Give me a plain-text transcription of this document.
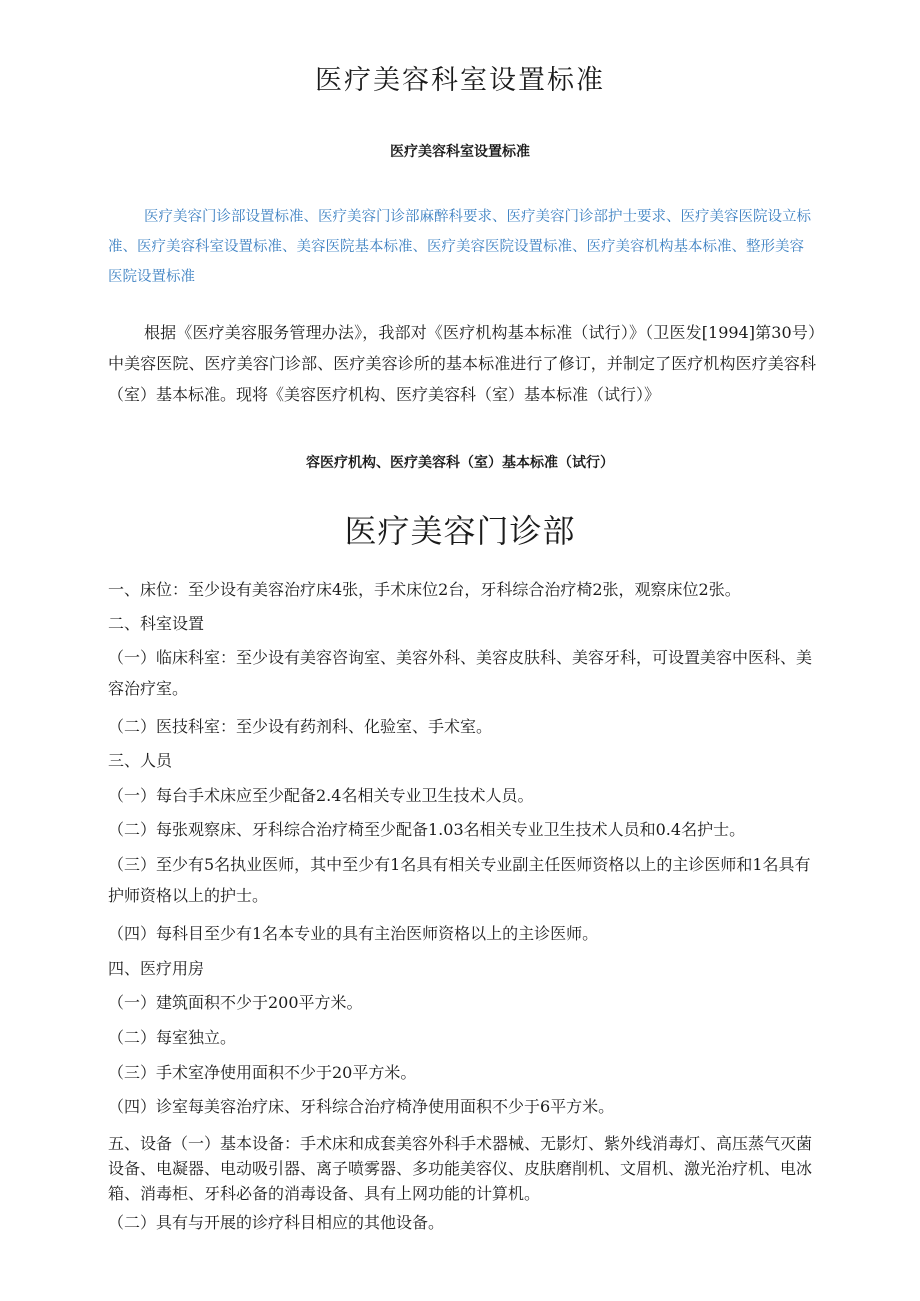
医疗美容科室设置标准
医疗美容科室设置标准
医疗美容门诊部设置标准、医疗美容门诊部麻醉科要求、医疗美容门诊部护士要求、医疗美容医院设立标准、医疗美容科室设置标准、美容医院基本标准、医疗美容医院设置标准、医疗美容机构基本标准、整形美容医院设置标准
根据《医疗美容服务管理办法》，我部对《医疗机构基本标准（试行）》（卫医发[1994]第30号）中美容医院、医疗美容门诊部、医疗美容诊所的基本标准进行了修订，并制定了医疗机构医疗美容科（室）基本标准。现将《美容医疗机构、医疗美容科（室）基本标准（试行）》
容医疗机构、医疗美容科（室）基本标准（试行）
医疗美容门诊部
一、床位：至少设有美容治疗床4张，手术床位2台，牙科综合治疗椅2张，观察床位2张。
二、科室设置
（一）临床科室：至少设有美容咨询室、美容外科、美容皮肤科、美容牙科，可设置美容中医科、美容治疗室。
（二）医技科室：至少设有药剂科、化验室、手术室。
三、人员
（一）每台手术床应至少配备2.4名相关专业卫生技术人员。
（二）每张观察床、牙科综合治疗椅至少配备1.03名相关专业卫生技术人员和0.4名护士。
（三）至少有5名执业医师，其中至少有1名具有相关专业副主任医师资格以上的主诊医师和1名具有护师资格以上的护士。
（四）每科目至少有1名本专业的具有主治医师资格以上的主诊医师。
四、医疗用房
（一）建筑面积不少于200平方米。
（二）每室独立。
（三）手术室净使用面积不少于20平方米。
（四）诊室每美容治疗床、牙科综合治疗椅净使用面积不少于6平方米。
五、设备（一）基本设备：手术床和成套美容外科手术器械、无影灯、紫外线消毒灯、高压蒸气灭菌设备、电凝器、电动吸引器、离子喷雾器、多功能美容仪、皮肤磨削机、文眉机、激光治疗机、电冰箱、消毒柜、牙科必备的消毒设备、具有上网功能的计算机。
（二）具有与开展的诊疗科目相应的其他设备。
